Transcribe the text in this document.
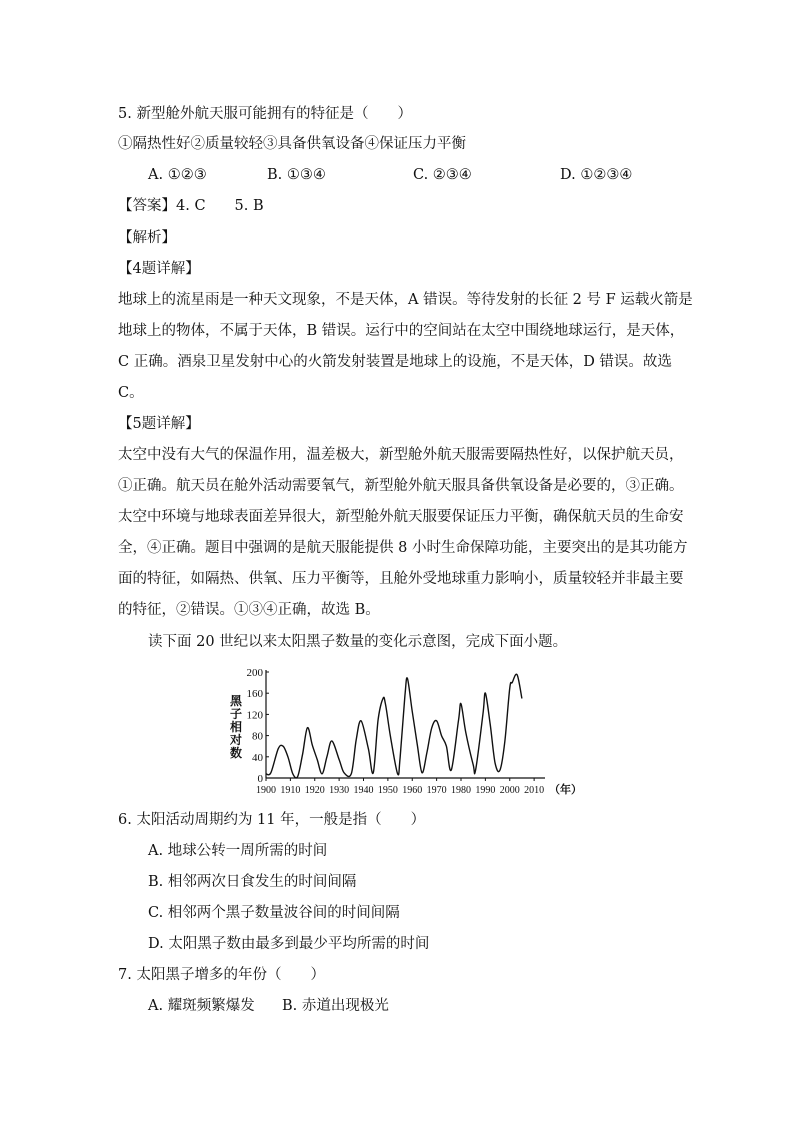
5. 新型舱外航天服可能拥有的特征是（　　）
①隔热性好②质量较轻③具备供氧设备④保证压力平衡
A. ①②③	B. ①③④	C. ②③④	D. ①②③④
【答案】4. C　　5. B
【解析】
【4题详解】
地球上的流星雨是一种天文现象，不是天体，A 错误。等待发射的长征 2 号 F 运载火箭是
地球上的物体，不属于天体，B 错误。运行中的空间站在太空中围绕地球运行，是天体，
C 正确。酒泉卫星发射中心的火箭发射装置是地球上的设施，不是天体，D 错误。故选
C。
【5题详解】
太空中没有大气的保温作用，温差极大，新型舱外航天服需要隔热性好，以保护航天员，
①正确。航天员在舱外活动需要氧气，新型舱外航天服具备供氧设备是必要的，③正确。
太空中环境与地球表面差异很大，新型舱外航天服要保证压力平衡，确保航天员的生命安
全，④正确。题目中强调的是航天服能提供 8 小时生命保障功能，主要突出的是其功能方
面的特征，如隔热、供氧、压力平衡等，且舱外受地球重力影响小，质量较轻并非最主要
的特征，②错误。①③④正确，故选 B。
读下面 20 世纪以来太阳黑子数量的变化示意图，完成下面小题。
0
40
80
120
160
200
1900 1910 1920 1930 1940 1950 1960 1970 1980 1990 2000 2010 （年）
黑
子
相
对
数
6. 太阳活动周期约为 11 年，一般是指（　　）
A. 地球公转一周所需的时间
B. 相邻两次日食发生的时间间隔
C. 相邻两个黑子数量波谷间的时间间隔
D. 太阳黑子数由最多到最少平均所需的时间
7. 太阳黑子增多的年份（　　）
A. 耀斑频繁爆发 B. 赤道出现极光
